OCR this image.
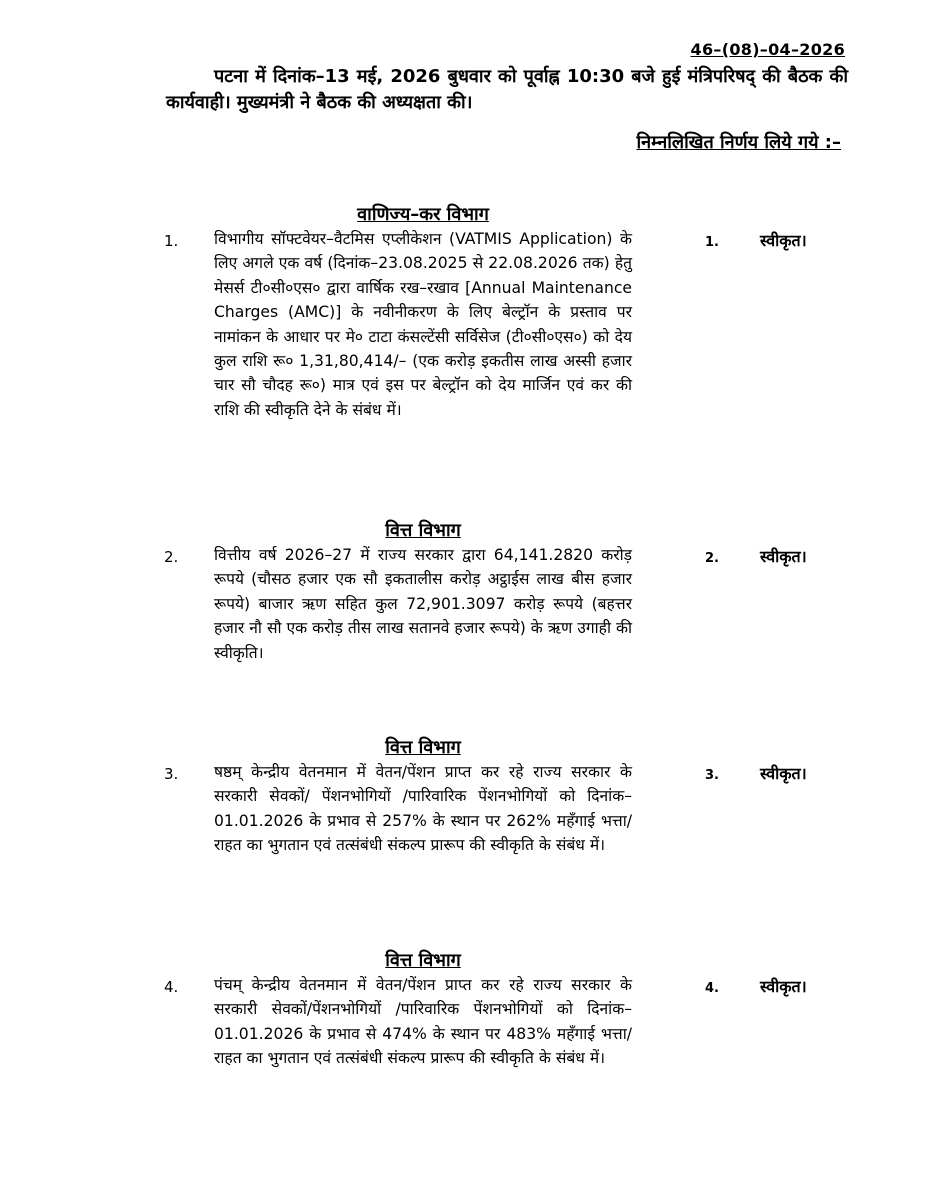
46–(08)–04–2026
पटना में दिनांक–13 मई, 2026 बुधवार को पूर्वाह्न 10:30 बजे हुई मंत्रिपरिषद् की बैठक की कार्यवाही। मुख्यमंत्री ने बैठक की अध्यक्षता की।
निम्नलिखित निर्णय लिये गये :–
वाणिज्य–कर विभाग
1. विभागीय सॉफ्टवेयर–वैटमिस एप्लीकेशन (VATMIS Application) के लिए अगले एक वर्ष (दिनांक–23.08.2025 से 22.08.2026 तक) हेतु मेसर्स टी०सी०एस० द्वारा वार्षिक रख–रखाव [Annual Maintenance Charges (AMC)] के नवीनीकरण के लिए बेल्ट्रॉन के प्रस्ताव पर नामांकन के आधार पर मे० टाटा कंसल्टेंसी सर्विसेज (टी०सी०एस०) को देय कुल राशि रू० 1,31,80,414/– (एक करोड़ इकतीस लाख अस्सी हजार चार सौ चौदह रू०) मात्र एवं इस पर बेल्ट्रॉन को देय मार्जिन एवं कर की राशि की स्वीकृति देने के संबंध में।
1.	स्वीकृत।
वित्त विभाग
2. वित्तीय वर्ष 2026–27 में राज्य सरकार द्वारा 64,141.2820 करोड़ रूपये (चौसठ हजार एक सौ इकतालीस करोड़ अट्ठाईस लाख बीस हजार रूपये) बाजार ऋण सहित कुल 72,901.3097 करोड़ रूपये (बहत्तर हजार नौ सौ एक करोड़ तीस लाख सतानवे हजार रूपये) के ऋण उगाही की स्वीकृति।
2.	स्वीकृत।
वित्त विभाग
3. षष्ठम् केन्द्रीय वेतनमान में वेतन/पेंशन प्राप्त कर रहे राज्य सरकार के सरकारी सेवकों/ पेंशनभोगियों /पारिवारिक पेंशनभोगियों को दिनांक–01.01.2026 के प्रभाव से 257% के स्थान पर 262% महँगाई भत्ता/ राहत का भुगतान एवं तत्संबंधी संकल्प प्रारूप की स्वीकृति के संबंध में।
3.	स्वीकृत।
वित्त विभाग
4. पंचम् केन्द्रीय वेतनमान में वेतन/पेंशन प्राप्त कर रहे राज्य सरकार के सरकारी सेवकों/पेंशनभोगियों /पारिवारिक पेंशनभोगियों को दिनांक–01.01.2026 के प्रभाव से 474% के स्थान पर 483% महँगाई भत्ता/ राहत का भुगतान एवं तत्संबंधी संकल्प प्रारूप की स्वीकृति के संबंध में।
4.	स्वीकृत।
